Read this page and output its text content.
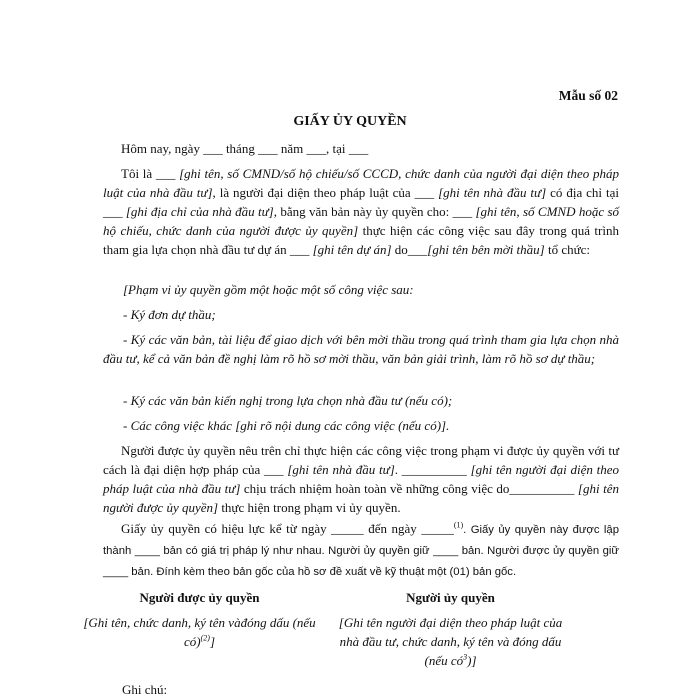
Mẫu số 02
GIẤY ỦY QUYỀN
Hôm nay, ngày ___ tháng ___ năm ___, tại ___
Tôi là ___ [ghi tên, số CMND/số hộ chiếu/số CCCD, chức danh của người đại diện theo pháp luật của nhà đầu tư], là người đại diện theo pháp luật của ___ [ghi tên nhà đầu tư] có địa chỉ tại ___ [ghi địa chỉ của nhà đầu tư], bằng văn bản này ủy quyền cho: ___ [ghi tên, số CMND hoặc số hộ chiếu, chức danh của người được ủy quyền] thực hiện các công việc sau đây trong quá trình tham gia lựa chọn nhà đầu tư dự án ___ [ghi tên dự án] do___[ghi tên bên mời thầu] tổ chức:
[Phạm vi ủy quyền gồm một hoặc một số công việc sau:
- Ký đơn dự thầu;
- Ký các văn bản, tài liệu để giao dịch với bên mời thầu trong quá trình tham gia lựa chọn nhà đầu tư, kể cả văn bản đề nghị làm rõ hồ sơ mời thầu, văn bản giải trình, làm rõ hồ sơ dự thầu;
- Ký các văn bản kiến nghị trong lựa chọn nhà đầu tư (nếu có);
- Các công việc khác [ghi rõ nội dung các công việc (nếu có)].
Người được ủy quyền nêu trên chỉ thực hiện các công việc trong phạm vi được ủy quyền với tư cách là đại diện hợp pháp của ___ [ghi tên nhà đầu tư]. __________ [ghi tên người đại diện theo pháp luật của nhà đầu tư] chịu trách nhiệm hoàn toàn về những công việc do__________ [ghi tên người được ủy quyền] thực hiện trong phạm vi ủy quyền.
Giấy ủy quyền có hiệu lực kể từ ngày _____ đến ngày _____$^{(1)}$. Giấy ủy quyền này được lập thành ____ bản có giá trị pháp lý như nhau. Người ủy quyền giữ ____ bản. Người được ủy quyền giữ ____ bản. Đính kèm theo bản gốc của hồ sơ đề xuất về kỹ thuật một (01) bản gốc.
Người được ủy quyền
[Ghi tên, chức danh, ký tên vàđóng dấu (nếu có)$^{(2)}$]
Người ủy quyền
[Ghi tên người đại diện theo pháp luật của nhà đầu tư, chức danh, ký tên và đóng dấu (nếu $có^3$)]
Ghi chú:
